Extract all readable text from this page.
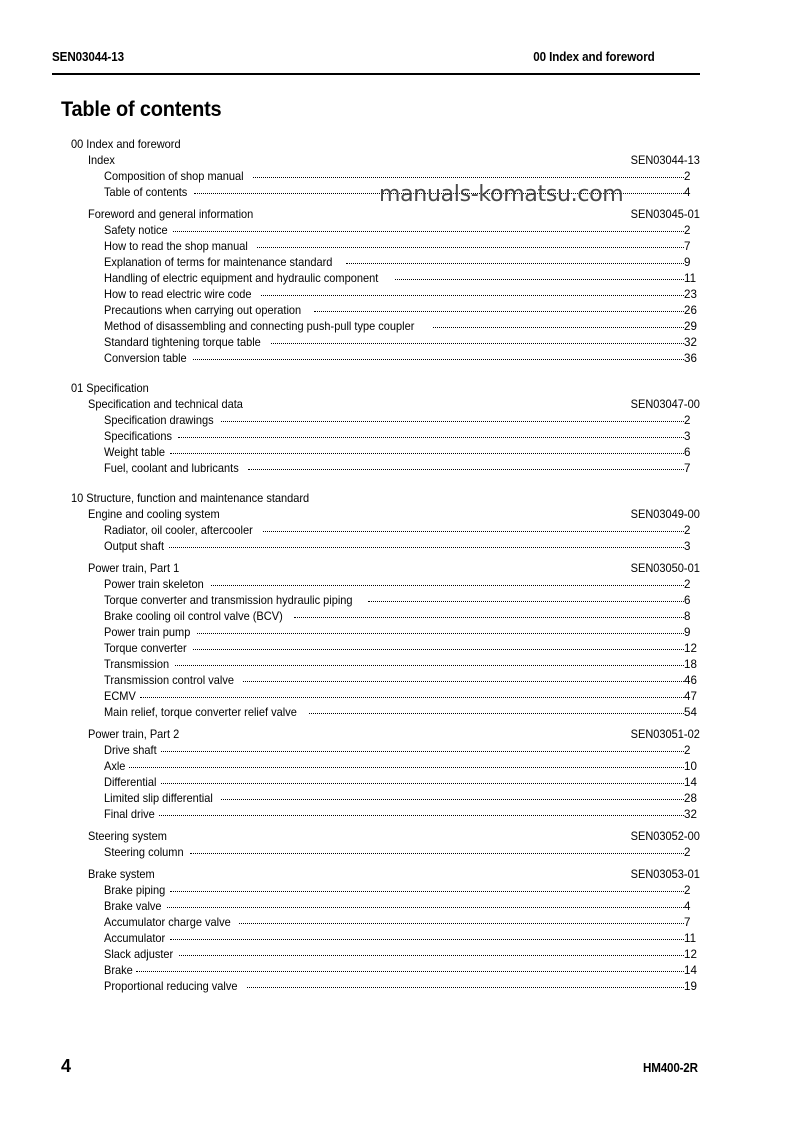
SEN03044-13	00 Index and foreword
Table of contents
00 Index and foreword
Index	SEN03044-13
Composition of shop manual	2
Table of contents	4
Foreword and general information	SEN03045-01
Safety notice	2
How to read the shop manual	7
Explanation of terms for maintenance standard	9
Handling of electric equipment and hydraulic component	11
How to read electric wire code	23
Precautions when carrying out operation	26
Method of disassembling and connecting push-pull type coupler	29
Standard tightening torque table	32
Conversion table	36
01 Specification
Specification and technical data	SEN03047-00
Specification drawings	2
Specifications	3
Weight table	6
Fuel, coolant and lubricants	7
10 Structure, function and maintenance standard
Engine and cooling system	SEN03049-00
Radiator, oil cooler, aftercooler	2
Output shaft	3
Power train, Part 1	SEN03050-01
Power train skeleton	2
Torque converter and transmission hydraulic piping	6
Brake cooling oil control valve (BCV)	8
Power train pump	9
Torque converter	12
Transmission	18
Transmission control valve	46
ECMV	47
Main relief, torque converter relief valve	54
Power train, Part 2	SEN03051-02
Drive shaft	2
Axle	10
Differential	14
Limited slip differential	28
Final drive	32
Steering system	SEN03052-00
Steering column	2
Brake system	SEN03053-01
Brake piping	2
Brake valve	4
Accumulator charge valve	7
Accumulator	11
Slack adjuster	12
Brake	14
Proportional reducing valve	19
manuals-komatsu.com
4	HM400-2R
